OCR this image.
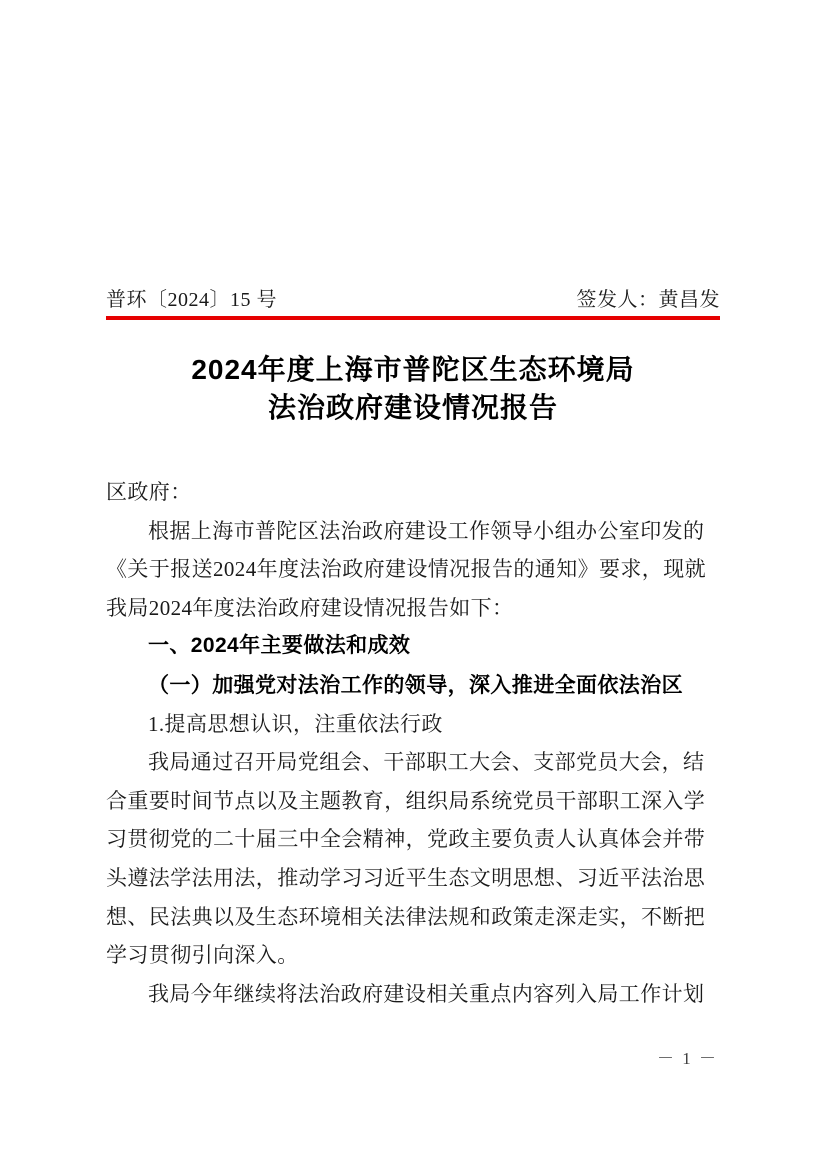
普环〔2024〕15 号	签发人：黄昌发
2024年度上海市普陀区生态环境局
法治政府建设情况报告
区政府：
根据上海市普陀区法治政府建设工作领导小组办公室印发的
《关于报送2024年度法治政府建设情况报告的通知》要求，现就
我局2024年度法治政府建设情况报告如下：
一、2024年主要做法和成效
（一）加强党对法治工作的领导，深入推进全面依法治区
1.提高思想认识，注重依法行政
我局通过召开局党组会、干部职工大会、支部党员大会，结
合重要时间节点以及主题教育，组织局系统党员干部职工深入学
习贯彻党的二十届三中全会精神，党政主要负责人认真体会并带
头遵法学法用法，推动学习习近平生态文明思想、习近平法治思
想、民法典以及生态环境相关法律法规和政策走深走实，不断把
学习贯彻引向深入。
我局今年继续将法治政府建设相关重点内容列入局工作计划
－ 1 －
